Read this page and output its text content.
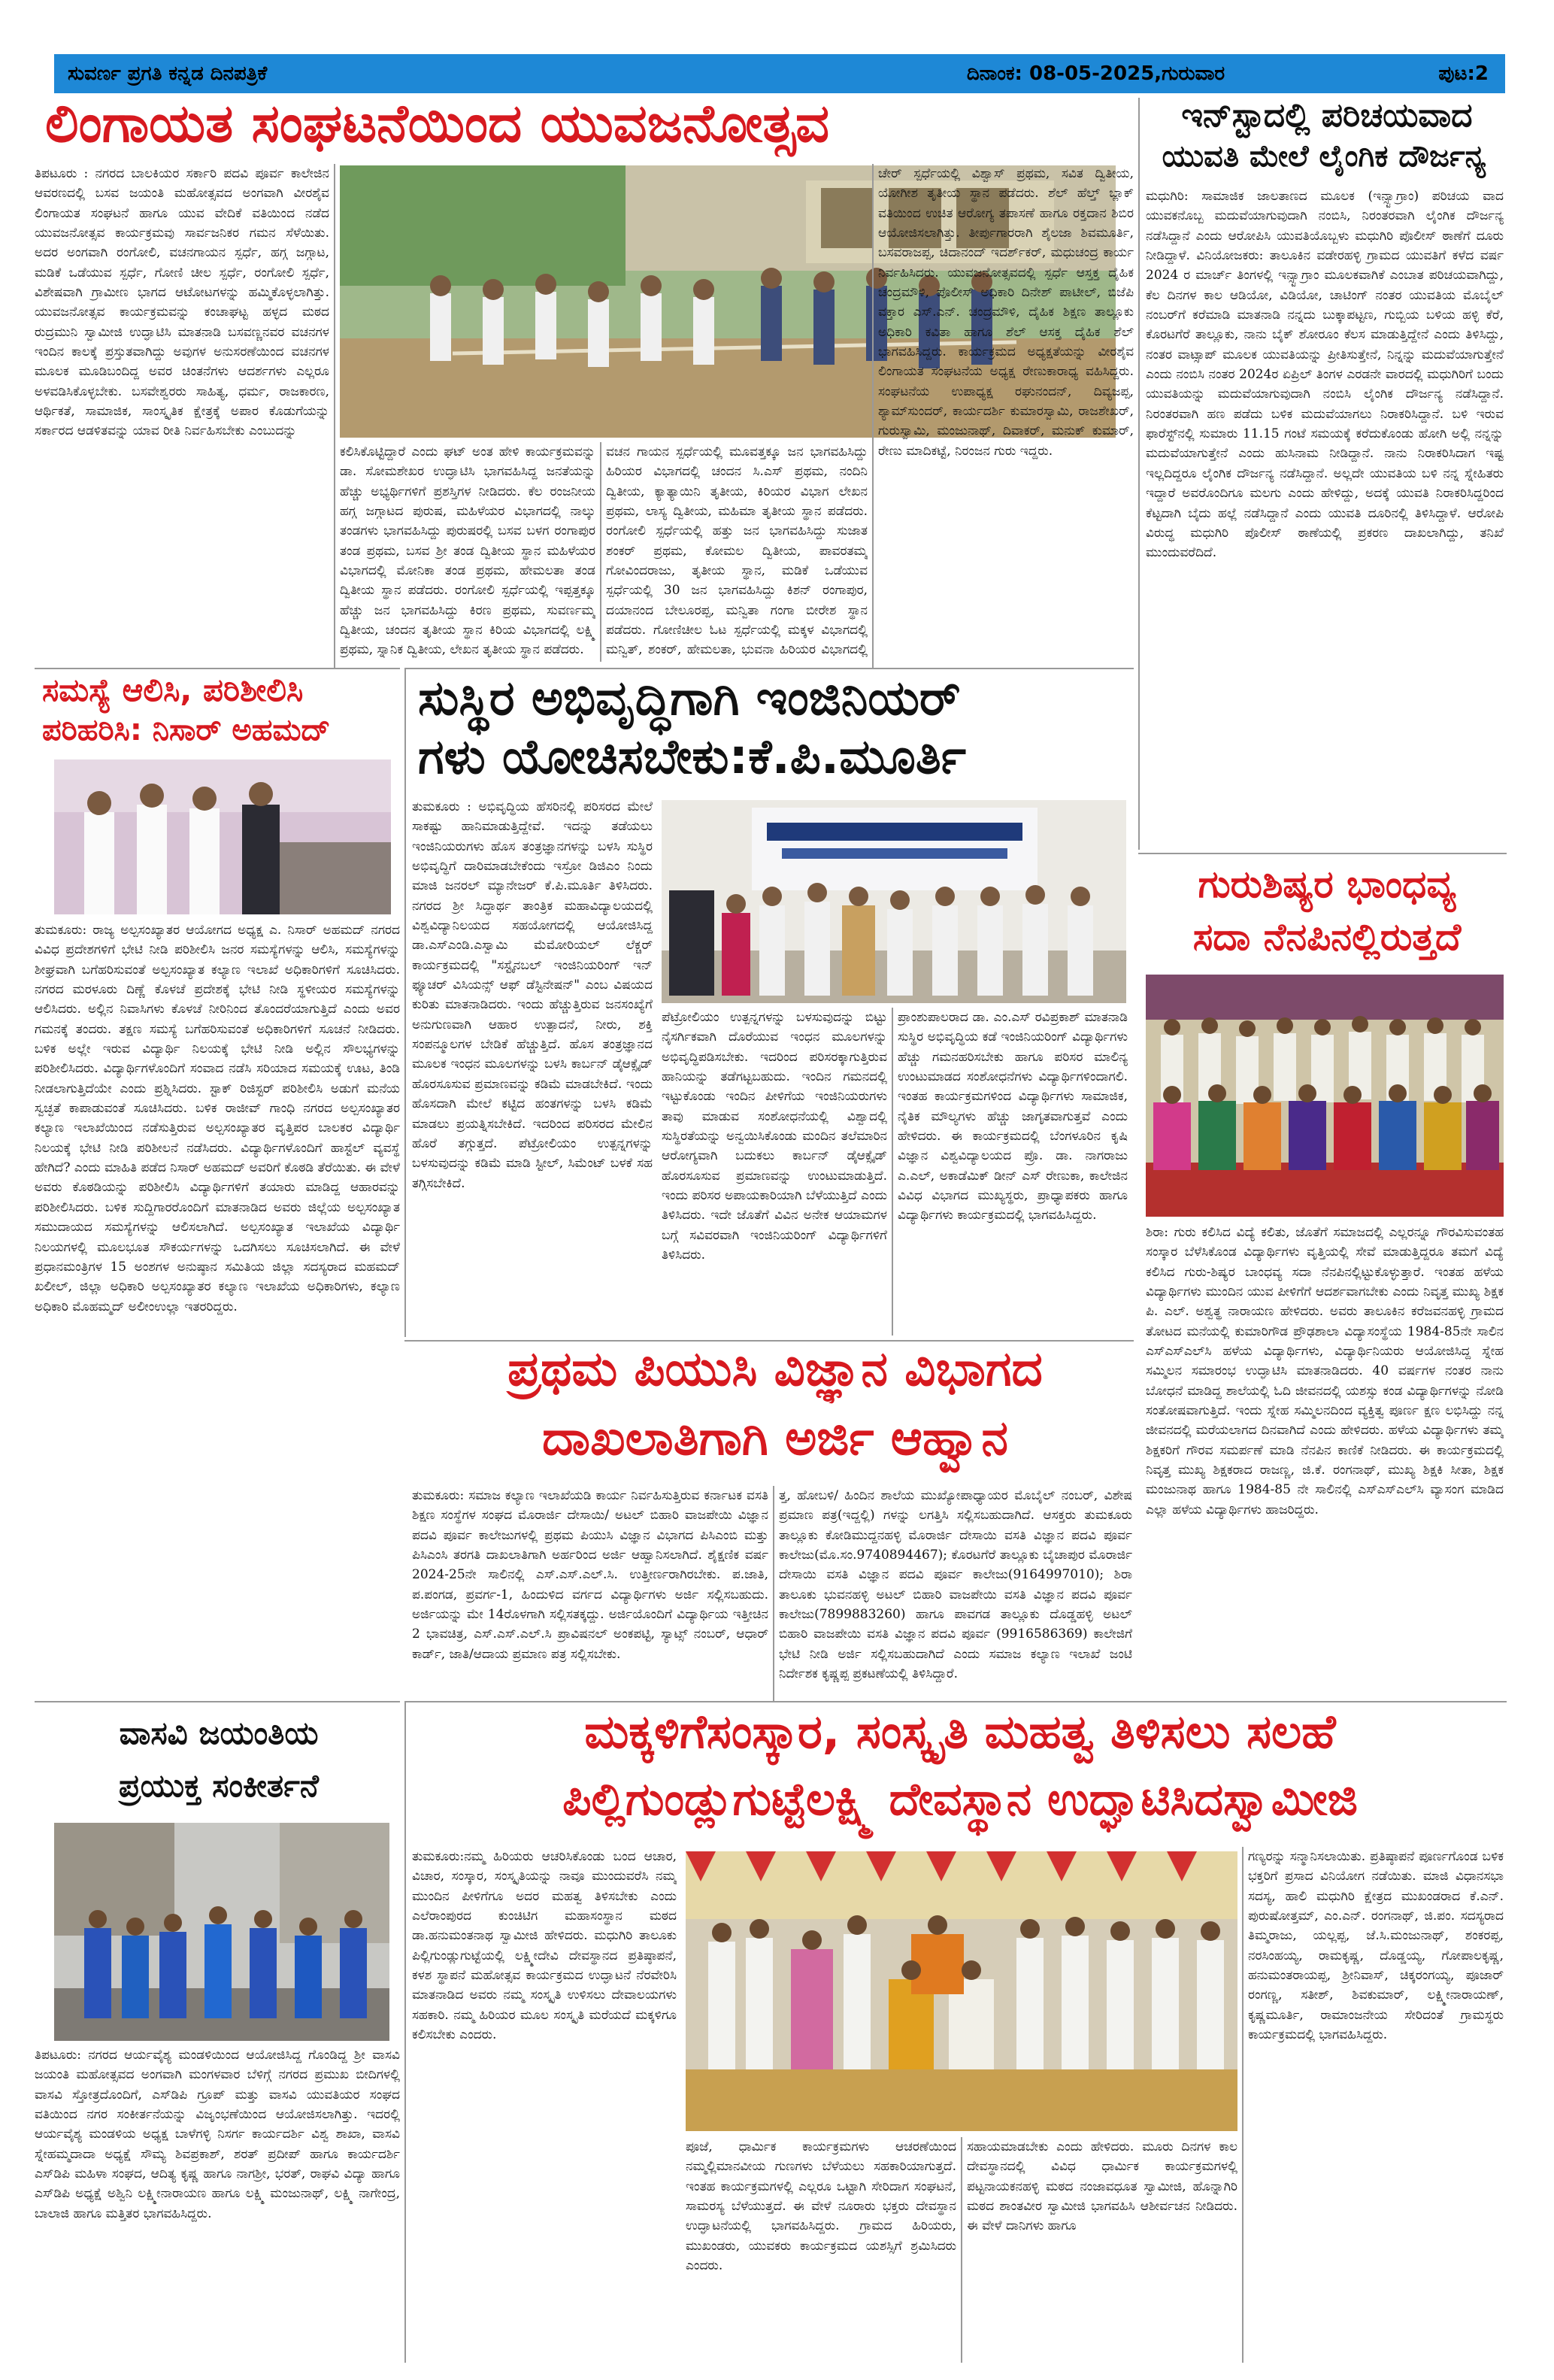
ಸುವರ್ಣ ಪ್ರಗತಿ ಕನ್ನಡ ದಿನಪತ್ರಿಕೆ	ದಿನಾಂಕ: 08-05-2025,ಗುರುವಾರ	ಪುಟ:2
ಲಿಂಗಾಯತ ಸಂಘಟನೆಯಿಂದ ಯುವಜನೋತ್ಸವ
ತಿಪಟೂರು : ನಗರದ ಬಾಲಕಿಯರ ಸರ್ಕಾರಿ ಪದವಿ ಪೂರ್ವ ಕಾಲೇಜಿನ ಆವರಣದಲ್ಲಿ ಬಸವ ಜಯಂತಿ ಮಹೋತ್ಸವದ ಅಂಗವಾಗಿ ವೀರಶೈವ ಲಿಂಗಾಯತ ಸಂಘಟನೆ ಹಾಗೂ ಯುವ ವೇದಿಕೆ ವತಿಯಿಂದ ನಡೆದ ಯುವಜನೋತ್ಸವ ಕಾರ್ಯಕ್ರಮವು ಸಾರ್ವಜನಿಕರ ಗಮನ ಸೆಳೆಯಿತು. ಅದರ ಅಂಗವಾಗಿ ರಂಗೋಲಿ, ವಚನಗಾಯನ ಸ್ಪರ್ಧೆ, ಹಗ್ಗ ಜಗ್ಗಾಟ, ಮಡಿಕೆ ಒಡೆಯುವ ಸ್ಪರ್ಧೆ, ಗೋಣಿ ಚೀಲ ಸ್ಪರ್ಧೆ, ರಂಗೋಲಿ ಸ್ಪರ್ಧೆ, ವಿಶೇಷವಾಗಿ ಗ್ರಾಮೀಣ ಭಾಗದ ಆಟೋಟಗಳನ್ನು ಹಮ್ಮಿಕೊಳ್ಳಲಾಗಿತ್ತು. ಯುವಜನೋತ್ಸವ ಕಾರ್ಯಕ್ರಮವನ್ನು ಕಂಚಾಘಟ್ಟ ಹಳ್ಳದ ಮಠದ ರುದ್ರಮುನಿ ಸ್ವಾಮೀಜಿ ಉದ್ಘಾಟಿಸಿ ಮಾತನಾಡಿ ಬಸವಣ್ಣನವರ ವಚನಗಳ ಇಂದಿನ ಕಾಲಕ್ಕೆ ಪ್ರಸ್ತುತವಾಗಿದ್ದು ಅವುಗಳ ಅನುಸರಣೆಯಿಂದ ವಚನಗಳ ಮೂಲಕ ಮೂಡಿಬಂದಿದ್ದ ಅವರ ಚಿಂತನೆಗಳು ಆದರ್ಶಗಳು ಎಲ್ಲರೂ ಅಳವಡಿಸಿಕೊಳ್ಳಬೇಕು. ಬಸವೇಶ್ವರರು ಸಾಹಿತ್ಯ, ಧರ್ಮ, ರಾಜಕಾರಣ, ಆರ್ಥಿಕತೆ, ಸಾಮಾಜಿಕ, ಸಾಂಸ್ಕೃತಿಕ ಕ್ಷೇತ್ರಕ್ಕೆ ಅಪಾರ ಕೊಡುಗೆಯನ್ನು ಸರ್ಕಾರದ ಆಡಳಿತವನ್ನು ಯಾವ ರೀತಿ ನಿರ್ವಹಿಸಬೇಕು ಎಂಬುದನ್ನು
ಕಲಿಸಿಕೊಟ್ಟಿದ್ದಾರೆ ಎಂದು ಘಟ್ ಅಂತ ಹೇಳಿ ಕಾರ್ಯಕ್ರಮವನ್ನು ಡಾ. ಸೋಮಶೇಖರ ಉದ್ಘಾಟಿಸಿ ಭಾಗವಹಿಸಿದ್ದ ಜನತೆಯನ್ನು ಹೆಚ್ಚು ಅಭ್ಯರ್ಥಿಗಳಿಗೆ ಪ್ರಶಸ್ತಿಗಳ ನೀಡಿದರು. ಕೆಲ ರಂಜನೀಯ ಹಗ್ಗ ಜಗ್ಗಾಟದ ಪುರುಷ, ಮಹಿಳೆಯರ ವಿಭಾಗದಲ್ಲಿ ನಾಲ್ಕು ತಂಡಗಳು ಭಾಗವಹಿಸಿದ್ದು ಪುರುಷರಲ್ಲಿ ಬಸವ ಬಳಗ ರಂಗಾಪುರ ತಂಡ ಪ್ರಥಮ, ಬಸವ ಶ್ರೀ ತಂಡ ದ್ವಿತೀಯ ಸ್ಥಾನ ಮಹಿಳೆಯರ ವಿಭಾಗದಲ್ಲಿ ಮೋನಿಕಾ ತಂಡ ಪ್ರಥಮ, ಹೇಮಲತಾ ತಂಡ ದ್ವಿತೀಯ ಸ್ಥಾನ ಪಡೆದರು. ರಂಗೋಲಿ ಸ್ಪರ್ಧೆಯಲ್ಲಿ ಇಪ್ಪತ್ತಕ್ಕೂ ಹೆಚ್ಚು ಜನ ಭಾಗವಹಿಸಿದ್ದು ಕಿರಣ ಪ್ರಥಮ, ಸುವರ್ಣಮ್ಮ ದ್ವಿತೀಯ, ಚಂದನ ತೃತೀಯ ಸ್ಥಾನ ಕಿರಿಯ ವಿಭಾಗದಲ್ಲಿ ಲಕ್ಷ್ಮಿ ಪ್ರಥಮ, ಸ್ನಾನಿಕ ದ್ವಿತೀಯ, ಲೇಖನ ತೃತೀಯ ಸ್ಥಾನ ಪಡೆದರು.
ವಚನ ಗಾಯನ ಸ್ಪರ್ಧೆಯಲ್ಲಿ ಮೂವತ್ತಕ್ಕೂ ಜನ ಭಾಗವಹಿಸಿದ್ದು ಹಿರಿಯರ ವಿಭಾಗದಲ್ಲಿ ಚಂದನ ಸಿ.ಎಸ್ ಪ್ರಥಮ, ನಂದಿನಿ ದ್ವಿತೀಯ, ಕ್ಯಾತ್ಯಾಯಿನಿ ತೃತೀಯ, ಕಿರಿಯರ ವಿಭಾಗ ಲೇಖನ ಪ್ರಥಮ, ಲಾಸ್ಯ ದ್ವಿತೀಯ, ಮಹಿಮಾ ತೃತೀಯ ಸ್ಥಾನ ಪಡೆದರು. ರಂಗೋಲಿ ಸ್ಪರ್ಧೆಯಲ್ಲಿ ಹತ್ತು ಜನ ಭಾಗವಹಿಸಿದ್ದು ಸುಜಾತ ಶಂಕರ್ ಪ್ರಥಮ, ಕೋಮಲ ದ್ವಿತೀಯ, ಪಾವರತಮ್ಮ ಗೋವಿಂದರಾಜು, ತೃತೀಯ ಸ್ಥಾನ, ಮಡಿಕೆ ಒಡೆಯುವ ಸ್ಪರ್ಧೆಯಲ್ಲಿ 30 ಜನ ಭಾಗವಹಿಸಿದ್ದು ಕಿಶನ್ ರಂಗಾಪುರ, ದಯಾನಂದ ಬೇಲೂರಪ್ಪ, ಮನ್ವಿತಾ ಗಂಗಾ ಬೀರೇಶ ಸ್ಥಾನ ಪಡೆದರು. ಗೋಣಿಚೀಲ ಓಟ ಸ್ಪರ್ಧೆಯಲ್ಲಿ ಮಕ್ಕಳ ವಿಭಾಗದಲ್ಲಿ ಮನ್ವಿತ್, ಶಂಕರ್, ಹೇಮಲತಾ, ಭುವನಾ ಹಿರಿಯರ ವಿಭಾಗದಲ್ಲಿ
ಚೇರ್ ಸ್ಪರ್ಧೆಯಲ್ಲಿ ವಿಶ್ವಾಸ್ ಪ್ರಥಮ, ಸವಿತ ದ್ವಿತೀಯ, ಯೋಗೀಶ ತೃತೀಯ ಸ್ಥಾನ ಪಡೆದರು. ಶೆಲ್ ಹೆಲ್ತ್ ಬ್ಲಾಕ್ ವತಿಯಿಂದ ಉಚಿತ ಆರೋಗ್ಯ ತಪಾಸಣೆ ಹಾಗೂ ರಕ್ತದಾನ ಶಿಬಿರ ಆಯೋಜಿಸಲಾಗಿತ್ತು. ತೀರ್ಪುಗಾರರಾಗಿ ಶೈಲಜಾ ಶಿವಮೂರ್ತಿ, ಬಸವರಾಜಪ್ಪ, ಚಿದಾನಂದ್ ಇದರ್ಶ್‌ಕರ್, ಮಧುಚಂದ್ರ ಕಾರ್ಯ ನಿರ್ವಹಿಸಿದರು. ಯುವಜನೋತ್ಸವದಲ್ಲಿ ಸ್ಪರ್ಧೆ ಆಸ್ತಕ್ತ ದೈಹಿಕ ಚಂದ್ರಮೌಳಿ, ಪೊಲೀಸ್ ಅಧಿಕಾರಿ ದಿನೇಶ್ ಪಾಟೀಲ್, ಬಿಜೆಪಿ ವಕ್ತಾರ ಎಸ್.ಎನ್. ಚಂದ್ರಮೌಳಿ, ದೈಹಿಕ ಶಿಕ್ಷಣ ತಾಲ್ಲೂಕು ಅಧಿಕಾರಿ ಕವಿತಾ ಹಾಗೂ ಶೆಲ್ ಆಸಕ್ತ ದೈಹಿಕ ಶೆಲ್ ಭಾಗವಹಿಸಿದ್ದರು. ಕಾರ್ಯಕ್ರಮದ ಅಧ್ಯಕ್ಷತೆಯನ್ನು ವೀರಶೈವ ಲಿಂಗಾಯತ ಸಂಘಟನೆಯ ಅಧ್ಯಕ್ಷ ರೇಣುಕಾರಾಧ್ಯ ವಹಿಸಿದ್ದರು. ಸಂಘಟನೆಯ ಉಪಾಧ್ಯಕ್ಷ ರಘುನಂದನ್, ದಿವ್ಯಜಪ್ಪ, ಶ್ಯಾಮ್‌ಸುಂದರ್, ಕಾರ್ಯದರ್ಶಿ ಕುಮಾರಸ್ವಾಮಿ, ರಾಜಶೇಖರ್, ಗುರುಸ್ವಾಮಿ, ಮಂಜುನಾಥ್, ದಿವಾಕರ್, ಮನುಕ್ ಕುಮಾರ್, ರೇಣು ಮಾದಿಕಟ್ಟೆ, ನಿರಂಜನ ಗುರು ಇದ್ದರು.
ಇನ್‌ಸ್ಟಾದಲ್ಲಿ ಪರಿಚಯವಾದ
ಯುವತಿ ಮೇಲೆ ಲೈಂಗಿಕ ದೌರ್ಜನ್ಯ
ಮಧುಗಿರಿ: ಸಾಮಾಜಿಕ ಜಾಲತಾಣದ ಮೂಲಕ (ಇನ್ಸ್ಟಾಗ್ರಾಂ) ಪರಿಚಯ ವಾದ ಯುವಕನೊಬ್ಬ ಮದುವೆಯಾಗುವುದಾಗಿ ನಂಬಿಸಿ, ನಿರಂತರವಾಗಿ ಲೈಂಗಿಕ ದೌರ್ಜನ್ಯ ನಡೆಸಿದ್ದಾನೆ ಎಂದು ಆರೋಪಿಸಿ ಯುವತಿಯೊಬ್ಬಳು ಮಧುಗಿರಿ ಪೊಲೀಸ್ ಠಾಣೆಗೆ ದೂರು ನೀಡಿದ್ದಾಳೆ. ವಿನಿಯೋಜಕರು: ತಾಲೂಕಿನ ವಡೇರಹಳ್ಳಿ ಗ್ರಾಮದ ಯುವತಿಗೆ ಕಳೆದ ವರ್ಷ 2024 ರ ಮಾರ್ಚ್ ತಿಂಗಳಲ್ಲಿ ಇನ್ಸ್ಟಾಗ್ರಾಂ ಮೂಲಕವಾಗಿಕೆ ಎಂಬಾತ ಪರಿಚಯವಾಗಿದ್ದು, ಕೆಲ ದಿನಗಳ ಕಾಲ ಆಡಿಯೋ, ವಿಡಿಯೋ, ಚಾಟಿಂಗ್ ನಂತರ ಯುವತಿಯ ಮೊಬೈಲ್ ನಂಬರ್‌ಗೆ ಕರೆಮಾಡಿ ಮಾತನಾಡಿ ನನ್ನದು ಬುಕ್ಕಾಪಟ್ಟಣ, ಗುಬ್ಬಿಯ ಬಳಿಯ ಹಳ್ಳಿ ಕೆರೆ, ಕೊರಟಗೆರೆ ತಾಲ್ಲೂಕು, ನಾನು ಬೈಕ್ ಶೋರೂಂ ಕೆಲಸ ಮಾಡುತ್ತಿದ್ದೇನೆ ಎಂದು ತಿಳಿಸಿದ್ದು, ನಂತರ ವಾಟ್ಸಾಪ್ ಮೂಲಕ ಯುವತಿಯನ್ನು ಪ್ರೀತಿಸುತ್ತೇನೆ, ನಿನ್ನನ್ನು ಮದುವೆಯಾಗುತ್ತೇನೆ ಎಂದು ನಂಬಿಸಿ ನಂತರ 2024ರ ಏಪ್ರಿಲ್ ತಿಂಗಳ ಎರಡನೇ ವಾರದಲ್ಲಿ ಮಧುಗಿರಿಗೆ ಬಂದು ಯುವತಿಯನ್ನು ಮದುವೆಯಾಗುವುದಾಗಿ ನಂಬಿಸಿ ಲೈಂಗಿಕ ದೌರ್ಜನ್ಯ ನಡೆಸಿದ್ದಾನೆ. ನಿರಂತರವಾಗಿ ಹಣ ಪಡೆದು ಬಳಿಕ ಮದುವೆಯಾಗಲು ನಿರಾಕರಿಸಿದ್ದಾನೆ. ಬಳಿ ಇರುವ ಫಾರೆಸ್ಟ್‌ನಲ್ಲಿ ಸುಮಾರು 11.15 ಗಂಟೆ ಸಮಯಕ್ಕೆ ಕರೆದುಕೊಂಡು ಹೋಗಿ ಅಲ್ಲಿ ನನ್ನನ್ನು ಮದುವೆಯಾಗುತ್ತೇನೆ ಎಂದು ಹುಸಿನಾಮ ನೀಡಿದ್ದಾನೆ. ನಾನು ನಿರಾಕರಿಸಿದಾಗ ಇಷ್ಟ ಇಲ್ಲದಿದ್ದರೂ ಲೈಂಗಿಕ ದೌರ್ಜನ್ಯ ನಡೆಸಿದ್ದಾನೆ. ಅಲ್ಲದೇ ಯುವತಿಯ ಬಳಿ ನನ್ನ ಸ್ನೇಹಿತರು ಇದ್ದಾರೆ ಅವರೊಂದಿಗೂ ಮಲಗು ಎಂದು ಹೇಳಿದ್ದು, ಅದಕ್ಕೆ ಯುವತಿ ನಿರಾಕರಿಸಿದ್ದರಿಂದ ಕೆಟ್ಟದಾಗಿ ಬೈದು ಹಲ್ಲೆ ನಡೆಸಿದ್ದಾನೆ ಎಂದು ಯುವತಿ ದೂರಿನಲ್ಲಿ ತಿಳಿಸಿದ್ದಾಳೆ. ಆರೋಪಿ ವಿರುದ್ಧ ಮಧುಗಿರಿ ಪೊಲೀಸ್ ಠಾಣೆಯಲ್ಲಿ ಪ್ರಕರಣ ದಾಖಲಾಗಿದ್ದು, ತನಿಖೆ ಮುಂದುವರೆದಿದೆ.
ಸಮಸ್ಯೆ ಆಲಿಸಿ, ಪರಿಶೀಲಿಸಿ
ಪರಿಹರಿಸಿ: ನಿಸಾರ್ ಅಹಮದ್
ತುಮಕೂರು: ರಾಜ್ಯ ಅಲ್ಪಸಂಖ್ಯಾತರ ಆಯೋಗದ ಅಧ್ಯಕ್ಷ ಎ. ನಿಸಾರ್ ಅಹಮದ್ ನಗರದ ವಿವಿಧ ಪ್ರದೇಶಗಳಿಗೆ ಭೇಟಿ ನೀಡಿ ಪರಿಶೀಲಿಸಿ ಜನರ ಸಮಸ್ಯೆಗಳನ್ನು ಆಲಿಸಿ, ಸಮಸ್ಯೆಗಳನ್ನು ಶೀಘ್ರವಾಗಿ ಬಗೆಹರಿಸುವಂತೆ ಅಲ್ಪಸಂಖ್ಯಾತ ಕಲ್ಯಾಣ ಇಲಾಖೆ ಅಧಿಕಾರಿಗಳಿಗೆ ಸೂಚಿಸಿದರು. ನಗರದ ಮರಳೂರು ದಿಣ್ಣೆ ಕೊಳಚೆ ಪ್ರದೇಶಕ್ಕೆ ಭೇಟಿ ನೀಡಿ ಸ್ಥಳೀಯರ ಸಮಸ್ಯೆಗಳನ್ನು ಆಲಿಸಿದರು. ಅಲ್ಲಿನ ನಿವಾಸಿಗಳು ಕೊಳಚೆ ನೀರಿನಿಂದ ತೊಂದರೆಯಾಗುತ್ತಿದೆ ಎಂದು ಅವರ ಗಮನಕ್ಕೆ ತಂದರು. ತಕ್ಷಣ ಸಮಸ್ಯೆ ಬಗೆಹರಿಸುವಂತೆ ಅಧಿಕಾರಿಗಳಿಗೆ ಸೂಚನೆ ನೀಡಿದರು. ಬಳಿಕ ಅಲ್ಲೇ ಇರುವ ವಿದ್ಯಾರ್ಥಿ ನಿಲಯಕ್ಕೆ ಭೇಟಿ ನೀಡಿ ಅಲ್ಲಿನ ಸೌಲಭ್ಯಗಳನ್ನು ಪರಿಶೀಲಿಸಿದರು. ವಿದ್ಯಾರ್ಥಿಗಳೊಂದಿಗೆ ಸಂವಾದ ನಡೆಸಿ ಸರಿಯಾದ ಸಮಯಕ್ಕೆ ಊಟ, ತಿಂಡಿ ನೀಡಲಾಗುತ್ತಿದೆಯೇ ಎಂದು ಪ್ರಶ್ನಿಸಿದರು. ಸ್ಟಾಕ್ ರಿಜಿಸ್ಟರ್ ಪರಿಶೀಲಿಸಿ ಅಡುಗೆ ಮನೆಯ ಸ್ವಚ್ಛತೆ ಕಾಪಾಡುವಂತೆ ಸೂಚಿಸಿದರು. ಬಳಿಕ ರಾಜೀವ್ ಗಾಂಧಿ ನಗರದ ಅಲ್ಪಸಂಖ್ಯಾತರ ಕಲ್ಯಾಣ ಇಲಾಖೆಯಿಂದ ನಡೆಸುತ್ತಿರುವ ಅಲ್ಪಸಂಖ್ಯಾತರ ವೃತ್ತಿಪರ ಬಾಲಕರ ವಿದ್ಯಾರ್ಥಿ ನಿಲಯಕ್ಕೆ ಭೇಟಿ ನೀಡಿ ಪರಿಶೀಲನೆ ನಡೆಸಿದರು. ವಿದ್ಯಾರ್ಥಿಗಳೊಂದಿಗೆ ಹಾಸ್ಟೆಲ್ ವ್ಯವಸ್ಥೆ ಹೇಗಿದೆ? ಎಂದು ಮಾಹಿತಿ ಪಡೆದ ನಿಸಾರ್ ಅಹಮದ್ ಅವರಿಗೆ ಕೊಠಡಿ ತೆರೆಯಿತು. ಈ ವೇಳೆ ಅವರು ಕೊಠಡಿಯನ್ನು ಪರಿಶೀಲಿಸಿ ವಿದ್ಯಾರ್ಥಿಗಳಿಗೆ ತಯಾರು ಮಾಡಿದ್ದ ಆಹಾರವನ್ನು ಪರಿಶೀಲಿಸಿದರು. ಬಳಿಕ ಸುದ್ದಿಗಾರರೊಂದಿಗೆ ಮಾತನಾಡಿದ ಅವರು ಜಿಲ್ಲೆಯ ಅಲ್ಪಸಂಖ್ಯಾತ ಸಮುದಾಯದ ಸಮಸ್ಯೆಗಳನ್ನು ಆಲಿಸಲಾಗಿದೆ. ಅಲ್ಪಸಂಖ್ಯಾತ ಇಲಾಖೆಯ ವಿದ್ಯಾರ್ಥಿ ನಿಲಯಗಳಲ್ಲಿ ಮೂಲಭೂತ ಸೌಕರ್ಯಗಳನ್ನು ಒದಗಿಸಲು ಸೂಚಿಸಲಾಗಿದೆ. ಈ ವೇಳೆ ಪ್ರಧಾನಮಂತ್ರಿಗಳ 15 ಅಂಶಗಳ ಅನುಷ್ಠಾನ ಸಮಿತಿಯ ಜಿಲ್ಲಾ ಸದಸ್ಯರಾದ ಮಹಮದ್ ಖಲೀಲ್, ಜಿಲ್ಲಾ ಅಧಿಕಾರಿ ಅಲ್ಪಸಂಖ್ಯಾತರ ಕಲ್ಯಾಣ ಇಲಾಖೆಯ ಅಧಿಕಾರಿಗಳು, ಕಲ್ಯಾಣ ಅಧಿಕಾರಿ ಮೊಹಮ್ಮದ್ ಅಲೀಂಉಲ್ಲಾ ಇತರರಿದ್ದರು.
ಸುಸ್ಥಿರ ಅಭಿವೃದ್ಧಿಗಾಗಿ ಇಂಜಿನಿಯರ್
ಗಳು ಯೋಚಿಸಬೇಕು:ಕೆ.ಪಿ.ಮೂರ್ತಿ
ತುಮಕೂರು : ಅಭಿವೃದ್ಧಿಯ ಹೆಸರಿನಲ್ಲಿ ಪರಿಸರದ ಮೇಲೆ ಸಾಕಷ್ಟು ಹಾನಿಮಾಡುತ್ತಿದ್ದೇವೆ. ಇದನ್ನು ತಡೆಯಲು ಇಂಜಿನಿಯರುಗಳು ಹೊಸ ತಂತ್ರಜ್ಞಾನಗಳನ್ನು ಬಳಸಿ ಸುಸ್ಥಿರ ಅಭಿವೃದ್ಧಿಗೆ ದಾರಿಮಾಡಬೇಕೆಂದು ಇಸ್ರೋ ಡಿಜಿಎಂ ನಿಂದು ಮಾಜಿ ಜನರಲ್ ಮ್ಯಾನೇಜರ್ ಕೆ.ಪಿ.ಮೂರ್ತಿ ತಿಳಿಸಿದರು. ನಗರದ ಶ್ರೀ ಸಿದ್ಧಾರ್ಥ ತಾಂತ್ರಿಕ ಮಹಾವಿದ್ಯಾಲಯದಲ್ಲಿ ವಿಶ್ವವಿದ್ಯಾನಿಲಯದ ಸಹಯೋಗದಲ್ಲಿ ಆಯೋಜಿಸಿದ್ದ ಡಾ.ಎಸ್‌ಎಂಡಿ.ಎಸ್ವಾಮಿ ಮೆಮೋರಿಯಲ್ ಲೆಕ್ಚರ್ ಕಾರ್ಯಕ್ರಮದಲ್ಲಿ "ಸಸ್ಟೈನಬಲ್ ಇಂಜಿನಿಯರಿಂಗ್ ಇನ್ ಫ್ಯೂಚರ್ ವಿಸಿಯನ್ಸ್ ಆಫ್ ಡೆಸ್ಟಿನೇಷನ್" ಎಂಬ ವಿಷಯದ ಕುರಿತು ಮಾತನಾಡಿದರು. ಇಂದು ಹೆಚ್ಚುತ್ತಿರುವ ಜನಸಂಖ್ಯೆಗೆ ಅನುಗುಣವಾಗಿ ಆಹಾರ ಉತ್ಪಾದನೆ, ನೀರು, ಶಕ್ತಿ ಸಂಪನ್ಮೂಲಗಳ ಬೇಡಿಕೆ ಹೆಚ್ಚುತ್ತಿದೆ. ಹೊಸ ತಂತ್ರಜ್ಞಾನದ ಮೂಲಕ ಇಂಧನ ಮೂಲಗಳನ್ನು ಬಳಸಿ ಕಾರ್ಬನ್ ಡೈಆಕ್ಸೈಡ್ ಹೊರಸೂಸುವ ಪ್ರಮಾಣವನ್ನು ಕಡಿಮೆ ಮಾಡಬೇಕಿದೆ. ಇಂದು ಹೊಸದಾಗಿ ಮೇಲೆ ಕಟ್ಟಿದ ಹಂತಗಳನ್ನು ಬಳಸಿ ಕಡಿಮೆ ಮಾಡಲು ಪ್ರಯತ್ನಿಸಬೇಕಿದೆ. ಇದರಿಂದ ಪರಿಸರದ ಮೇಲಿನ ಹೊರೆ ತಗ್ಗುತ್ತದೆ. ಪೆಟ್ರೋಲಿಯಂ ಉತ್ಪನ್ನಗಳನ್ನು ಬಳಸುವುದನ್ನು ಕಡಿಮೆ ಮಾಡಿ ಸ್ಟೀಲ್, ಸಿಮೆಂಟ್ ಬಳಕೆ ಸಹ ತಗ್ಗಿಸಬೇಕಿದೆ.
ಪೆಟ್ರೋಲಿಯಂ ಉತ್ಪನ್ನಗಳನ್ನು ಬಳಸುವುದನ್ನು ಬಿಟ್ಟು ನೈಸರ್ಗಿಕವಾಗಿ ದೊರೆಯುವ ಇಂಧನ ಮೂಲಗಳನ್ನು ಅಭಿವೃದ್ಧಿಪಡಿಸಬೇಕು. ಇದರಿಂದ ಪರಿಸರಕ್ಕಾಗುತ್ತಿರುವ ಹಾನಿಯನ್ನು ತಡೆಗಟ್ಟಬಹುದು. ಇಂದಿನ ಗಮನದಲ್ಲಿ ಇಟ್ಟುಕೊಂಡು ಇಂದಿನ ಪೀಳಿಗೆಯ ಇಂಜಿನಿಯರುಗಳು ತಾವು ಮಾಡುವ ಸಂಶೋಧನೆಯಲ್ಲಿ ವಿಶ್ವಾದಲ್ಲಿ ಸುಸ್ಥಿರತೆಯನ್ನು ಅನ್ವಯಿಸಿಕೊಂಡು ಮಂದಿನ ತಲೆಮಾರಿನ ಆರೋಗ್ಯವಾಗಿ ಬದುಕಲು ಕಾರ್ಬನ್ ಡೈಆಕ್ಸೈಡ್ ಹೊರಸೂಸುವ ಪ್ರಮಾಣವನ್ನು ಉಂಟುಮಾಡುತ್ತಿದೆ. ಇಂದು ಪರಿಸರ ಅಪಾಯಕಾರಿಯಾಗಿ ಬೆಳೆಯುತ್ತಿದೆ ಎಂದು ತಿಳಿಸಿದರು. ಇದೇ ಜೊತೆಗೆ ವಿವಿನ ಅನೇಕ ಆಯಾಮಗಳ ಬಗ್ಗೆ ಸವಿವರವಾಗಿ ಇಂಜಿನಿಯರಿಂಗ್ ವಿದ್ಯಾರ್ಥಿಗಳಿಗೆ ತಿಳಿಸಿದರು.
ಪ್ರಾಂಶುಪಾಲರಾದ ಡಾ. ಎಂ.ಎಸ್ ರವಿಪ್ರಕಾಶ್ ಮಾತನಾಡಿ ಸುಸ್ಥಿರ ಅಭಿವೃದ್ಧಿಯ ಕಡೆ ಇಂಜಿನಿಯರಿಂಗ್ ವಿದ್ಯಾರ್ಥಿಗಳು ಹೆಚ್ಚು ಗಮನಹರಿಸಬೇಕು ಹಾಗೂ ಪರಿಸರ ಮಾಲಿನ್ಯ ಉಂಟುಮಾಡದ ಸಂಶೋಧನೆಗಳು ವಿದ್ಯಾರ್ಥಿಗಳಿಂದಾಗಲಿ. ಇಂತಹ ಕಾರ್ಯಕ್ರಮಗಳಿಂದ ವಿದ್ಯಾರ್ಥಿಗಳು ಸಾಮಾಜಿಕ, ನೈತಿಕ ಮೌಲ್ಯಗಳು ಹೆಚ್ಚು ಜಾಗೃತವಾಗುತ್ತವೆ ಎಂದು ಹೇಳಿದರು. ಈ ಕಾರ್ಯಕ್ರಮದಲ್ಲಿ ಬೆಂಗಳೂರಿನ ಕೃಷಿ ವಿಜ್ಞಾನ ವಿಶ್ವವಿದ್ಯಾಲಯದ ಪ್ರೊ. ಡಾ. ನಾಗರಾಜು ಎ.ಎಲ್, ಅಕಾಡೆಮಿಕ್ ಡೀನ್ ಎಸ್ ರೇಣುಕಾ, ಕಾಲೇಜಿನ ವಿವಿಧ ವಿಭಾಗದ ಮುಖ್ಯಸ್ಥರು, ಪ್ರಾಧ್ಯಾಪಕರು ಹಾಗೂ ವಿದ್ಯಾರ್ಥಿಗಳು ಕಾರ್ಯಕ್ರಮದಲ್ಲಿ ಭಾಗವಹಿಸಿದ್ದರು.
ಗುರುಶಿಷ್ಯರ ಭಾಂಧವ್ಯ
ಸದಾ ನೆನಪಿನಲ್ಲಿರುತ್ತದೆ
ಶಿರಾ: ಗುರು ಕಲಿಸಿದ ವಿದ್ಯೆ ಕಲಿತು, ಜೊತೆಗೆ ಸಮಾಜದಲ್ಲಿ ಎಲ್ಲರನ್ನೂ ಗೌರವಿಸುವಂತಹ ಸಂಸ್ಕಾರ ಬೆಳೆಸಿಕೊಂಡ ವಿದ್ಯಾರ್ಥಿಗಳು ವೃತ್ತಿಯಲ್ಲಿ ಸೇವೆ ಮಾಡುತ್ತಿದ್ದರೂ ತಮಗೆ ವಿದ್ಯೆ ಕಲಿಸಿದ ಗುರು-ಶಿಷ್ಯರ ಬಾಂಧವ್ಯ ಸದಾ ನೆನಪಿನಲ್ಲಿಟ್ಟುಕೊಳ್ಳುತ್ತಾರೆ. ಇಂತಹ ಹಳೆಯ ವಿದ್ಯಾರ್ಥಿಗಳು ಮುಂದಿನ ಯುವ ಪೀಳಿಗೆಗೆ ಆದರ್ಶವಾಗಬೇಕು ಎಂದು ನಿವೃತ್ತ ಮುಖ್ಯ ಶಿಕ್ಷಕ ಪಿ. ಎಲ್. ಅಶ್ವತ್ಥ ನಾರಾಯಣ ಹೇಳಿದರು. ಅವರು ತಾಲೂಕಿನ ಕರೆಜವನಹಳ್ಳಿ ಗ್ರಾಮದ ತೋಟದ ಮನೆಯಲ್ಲಿ ಕುಮಾರಿಗೌಡ ಪ್ರೌಢಶಾಲಾ ವಿದ್ಯಾಸಂಸ್ಥೆಯ 1984-85ನೇ ಸಾಲಿನ ಎಸ್‌ಎಸ್‌ಎಲ್‌ಸಿ ಹಳೆಯ ವಿದ್ಯಾರ್ಥಿಗಳು, ವಿದ್ಯಾರ್ಥಿನಿಯರು ಆಯೋಜಿಸಿದ್ದ ಸ್ನೇಹ ಸಮ್ಮಿಲನ ಸಮಾರಂಭ ಉದ್ಘಾಟಿಸಿ ಮಾತನಾಡಿದರು. 40 ವರ್ಷಗಳ ನಂತರ ನಾನು ಬೋಧನೆ ಮಾಡಿದ್ದ ಶಾಲೆಯಲ್ಲಿ ಓದಿ ಜೀವನದಲ್ಲಿ ಯಶಸ್ಸು ಕಂಡ ವಿದ್ಯಾರ್ಥಿಗಳನ್ನು ನೋಡಿ ಸಂತೋಷವಾಗುತ್ತಿದೆ. ಇಂದು ಸ್ನೇಹ ಸಮ್ಮಿಲನದಿಂದ ವ್ಯಕ್ತಿತ್ವ ಪೂರ್ಣ ಕ್ಷಣ ಲಭಿಸಿದ್ದು ನನ್ನ ಜೀವನದಲ್ಲಿ ಮರೆಯಲಾಗದ ದಿನವಾಗಿದೆ ಎಂದು ಹೇಳಿದರು. ಹಳೆಯ ವಿದ್ಯಾರ್ಥಿಗಳು ತಮ್ಮ ಶಿಕ್ಷಕರಿಗೆ ಗೌರವ ಸಮರ್ಪಣೆ ಮಾಡಿ ನೆನಪಿನ ಕಾಣಿಕೆ ನೀಡಿದರು. ಈ ಕಾರ್ಯಕ್ರಮದಲ್ಲಿ ನಿವೃತ್ತ ಮುಖ್ಯ ಶಿಕ್ಷಕರಾದ ರಾಜಣ್ಣ, ಜಿ.ಕೆ. ರಂಗನಾಥ್, ಮುಖ್ಯ ಶಿಕ್ಷಕಿ ಸೀತಾ, ಶಿಕ್ಷಕ ಮಂಜುನಾಥ ಹಾಗೂ 1984-85 ನೇ ಸಾಲಿನಲ್ಲಿ ಎಸ್‌ಎಸ್‌ಎಲ್‌ಸಿ ವ್ಯಾಸಂಗ ಮಾಡಿದ ಎಲ್ಲಾ ಹಳೆಯ ವಿದ್ಯಾರ್ಥಿಗಳು ಹಾಜರಿದ್ದರು.
ಪ್ರಥಮ ಪಿಯುಸಿ ವಿಜ್ಞಾನ ವಿಭಾಗದ
ದಾಖಲಾತಿಗಾಗಿ ಅರ್ಜಿ ಆಹ್ವಾನ
ತುಮಕೂರು: ಸಮಾಜ ಕಲ್ಯಾಣ ಇಲಾಖೆಯಡಿ ಕಾರ್ಯ ನಿರ್ವಹಿಸುತ್ತಿರುವ ಕರ್ನಾಟಕ ವಸತಿ ಶಿಕ್ಷಣ ಸಂಸ್ಥೆಗಳ ಸಂಘದ ಮೊರಾರ್ಜಿ ದೇಸಾಯಿ/ ಅಟಲ್ ಬಿಹಾರಿ ವಾಜಪೇಯಿ ವಿಜ್ಞಾನ ಪದವಿ ಪೂರ್ವ ಕಾಲೇಜುಗಳಲ್ಲಿ ಪ್ರಥಮ ಪಿಯುಸಿ ವಿಜ್ಞಾನ ವಿಭಾಗದ ಪಿಸಿಎಂಬಿ ಮತ್ತು ಪಿಸಿಎಂಸಿ ತರಗತಿ ದಾಖಲಾತಿಗಾಗಿ ಅರ್ಹರಿಂದ ಅರ್ಜಿ ಆಹ್ವಾನಿಸಲಾಗಿದೆ. ಶೈಕ್ಷಣಿಕ ವರ್ಷ 2024-25ನೇ ಸಾಲಿನಲ್ಲಿ ಎಸ್.ಎಸ್.ಎಲ್.ಸಿ. ಉತ್ತೀರ್ಣರಾಗಿರಬೇಕು. ಪ.ಜಾತಿ, ಪ.ಪಂಗಡ, ಪ್ರವರ್ಗ-1, ಹಿಂದುಳಿದ ವರ್ಗದ ವಿದ್ಯಾರ್ಥಿಗಳು ಅರ್ಜಿ ಸಲ್ಲಿಸಬಹುದು. ಅರ್ಜಿಯನ್ನು ಮೇ 14ರೊಳಗಾಗಿ ಸಲ್ಲಿಸತಕ್ಕದ್ದು. ಅರ್ಜಿಯೊಂದಿಗೆ ವಿದ್ಯಾರ್ಥಿಯ ಇತ್ತೀಚಿನ 2 ಭಾವಚಿತ್ರ, ಎಸ್.ಎಸ್.ಎಲ್.ಸಿ ಪ್ರಾವಿಷನಲ್ ಅಂಕಪಟ್ಟಿ, ಸ್ಯಾಟ್ಸ್ ನಂಬರ್, ಆಧಾರ್ ಕಾರ್ಡ್, ಜಾತಿ/ಆದಾಯ ಪ್ರಮಾಣ ಪತ್ರ ಸಲ್ಲಿಸಬೇಕು.
ತ್ತ, ಹೋಬಳಿ/ ಹಿಂದಿನ ಶಾಲೆಯ ಮುಖ್ಯೋಪಾಧ್ಯಾಯರ ಮೊಬೈಲ್ ನಂಬರ್, ವಿಶೇಷ ಪ್ರಮಾಣ ಪತ್ರ(ಇದ್ದಲ್ಲಿ) ಗಳನ್ನು ಲಗತ್ತಿಸಿ ಸಲ್ಲಿಸಬಹುದಾಗಿದೆ. ಆಸಕ್ತರು ತುಮಕೂರು ತಾಲ್ಲೂಕು ಕೋಡಿಮುದ್ದನಹಳ್ಳಿ ಮೊರಾರ್ಜಿ ದೇಸಾಯಿ ವಸತಿ ವಿಜ್ಞಾನ ಪದವಿ ಪೂರ್ವ ಕಾಲೇಜು(ಮೊ.ಸಂ.9740894467); ಕೊರಟಗೆರೆ ತಾಲ್ಲೂಕು ಬೈಚಾಪುರ ಮೊರಾರ್ಜಿ ದೇಸಾಯಿ ವಸತಿ ವಿಜ್ಞಾನ ಪದವಿ ಪೂರ್ವ ಕಾಲೇಜು(9164997010); ಶಿರಾ ತಾಲೂಕು ಭುವನಹಳ್ಳಿ ಅಟಲ್ ಬಿಹಾರಿ ವಾಜಪೇಯಿ ವಸತಿ ವಿಜ್ಞಾನ ಪದವಿ ಪೂರ್ವ ಕಾಲೇಜು(7899883260) ಹಾಗೂ ಪಾವಗಡ ತಾಲ್ಲೂಕು ದೊಡ್ಡಹಳ್ಳಿ ಅಟಲ್ ಬಿಹಾರಿ ವಾಜಪೇಯಿ ವಸತಿ ವಿಜ್ಞಾನ ಪದವಿ ಪೂರ್ವ (9916586369) ಕಾಲೇಜಿಗೆ ಭೇಟಿ ನೀಡಿ ಅರ್ಜಿ ಸಲ್ಲಿಸಬಹುದಾಗಿದೆ ಎಂದು ಸಮಾಜ ಕಲ್ಯಾಣ ಇಲಾಖೆ ಜಂಟಿ ನಿರ್ದೇಶಕ ಕೃಷ್ಣಪ್ಪ ಪ್ರಕಟಣೆಯಲ್ಲಿ ತಿಳಿಸಿದ್ದಾರೆ.
ವಾಸವಿ ಜಯಂತಿಯ
ಪ್ರಯುಕ್ತ ಸಂಕೀರ್ತನೆ
ತಿಪಟೂರು: ನಗರದ ಆರ್ಯವೈಶ್ಯ ಮಂಡಳಿಯಿಂದ ಆಯೋಜಿಸಿದ್ದ ಗೊಂಡಿದ್ದ ಶ್ರೀ ವಾಸವಿ ಜಯಂತಿ ಮಹೋತ್ಸವದ ಅಂಗವಾಗಿ ಮಂಗಳವಾರ ಬೆಳಿಗ್ಗೆ ನಗರದ ಪ್ರಮುಖ ಬೀದಿಗಳಲ್ಲಿ ವಾಸವಿ ಸ್ತೋತ್ರದೊಂದಿಗೆ, ಎಸ್‌ಡಿಪಿ ಗ್ರೂಪ್ ಮತ್ತು ವಾಸವಿ ಯುವತಿಯರ ಸಂಘದ ವತಿಯಿಂದ ನಗರ ಸಂಕೀರ್ತನೆಯನ್ನು ವಿಜೃಂಭಣೆಯಿಂದ ಆಯೋಜಿಸಲಾಗಿತ್ತು. ಇದರಲ್ಲಿ ಆರ್ಯವೈಶ್ಯ ಮಂಡಳಿಯ ಅಧ್ಯಕ್ಷ ಬಾಳೆಗಳ್ಳಿ ನಿಸರ್ಗ ಕಾರ್ಯದರ್ಶಿ ವಿಶ್ವ ಶಾಖಾ, ವಾಸವಿ ಸ್ನೇಹಮ್ಮದಾದಾ ಅಧ್ಯಕ್ಷೆ ಸೌಮ್ಯ ಶಿವಪ್ರಕಾಶ್, ಶರತ್ ಪ್ರದೀಪ್ ಹಾಗೂ ಕಾರ್ಯದರ್ಶಿ ಎಸ್‌ಡಿಪಿ ಮಹಿಳಾ ಸಂಘದ, ಆದಿತ್ಯ ಕೃಷ್ಣ ಹಾಗೂ ನಾಗಶ್ರೀ, ಭರತ್, ರಾಘವಿ ವಿದ್ಯಾ ಹಾಗೂ ಎಸ್‌ಡಿಪಿ ಅಧ್ಯಕ್ಷೆ ಅಶ್ವಿನಿ ಲಕ್ಷ್ಮೀನಾರಾಯಣ ಹಾಗೂ ಲಕ್ಷ್ಮಿ ಮಂಜುನಾಥ್, ಲಕ್ಷ್ಮಿ ನಾಗೇಂದ್ರ, ಬಾಲಾಜಿ ಹಾಗೂ ಮತ್ತಿತರ ಭಾಗವಹಿಸಿದ್ದರು.
ಮಕ್ಕಳಿಗೆಸಂಸ್ಕಾರ, ಸಂಸ್ಕೃತಿ ಮಹತ್ವ ತಿಳಿಸಲು ಸಲಹೆ
ಪಿಲ್ಲಿಗುಂಡ್ಲುಗುಟ್ಟೆಲಕ್ಷ್ಮಿ ದೇವಸ್ಥಾನ ಉದ್ಘಾಟಿಸಿದಸ್ವಾಮೀಜಿ
ತುಮಕೂರು:ನಮ್ಮ ಹಿರಿಯರು ಆಚರಿಸಿಕೊಂಡು ಬಂದ ಆಚಾರ, ವಿಚಾರ, ಸಂಸ್ಕಾರ, ಸಂಸ್ಕೃತಿಯನ್ನು ನಾವೂ ಮುಂದುವರೆಸಿ ನಮ್ಮ ಮುಂದಿನ ಪೀಳಿಗೆಗೂ ಅದರ ಮಹತ್ವ ತಿಳಿಸಬೇಕು ಎಂದು ಎಲೆರಾಂಪುರದ ಕುಂಚಿಟಿಗ ಮಹಾಸಂಸ್ಥಾನ ಮಠದ ಡಾ.ಹನುಮಂತನಾಥ ಸ್ವಾಮೀಜಿ ಹೇಳಿದರು. ಮಧುಗಿರಿ ತಾಲೂಕು ಪಿಲ್ಲಿಗುಂಡ್ಲುಗುಟ್ಟೆಯಲ್ಲಿ ಲಕ್ಷ್ಮೀದೇವಿ ದೇವಸ್ಥಾನದ ಪ್ರತಿಷ್ಠಾಪನೆ, ಕಳಶ ಸ್ಥಾಪನೆ ಮಹೋತ್ಸವ ಕಾರ್ಯಕ್ರಮದ ಉದ್ಘಾಟನೆ ನೆರವೇರಿಸಿ ಮಾತನಾಡಿದ ಅವರು ನಮ್ಮ ಸಂಸ್ಕೃತಿ ಉಳಿಸಲು ದೇವಾಲಯಗಳು ಸಹಕಾರಿ. ನಮ್ಮ ಹಿರಿಯರ ಮೂಲ ಸಂಸ್ಕೃತಿ ಮರೆಯದೆ ಮಕ್ಕಳಿಗೂ ಕಲಿಸಬೇಕು ಎಂದರು.
ಪೂಜೆ, ಧಾರ್ಮಿಕ ಕಾರ್ಯಕ್ರಮಗಳು ಆಚರಣೆಯಿಂದ ನಮ್ಮಲ್ಲಿಮಾನವೀಯ ಗುಣಗಳು ಬೆಳೆಯಲು ಸಹಕಾರಿಯಾಗುತ್ತದೆ. ಇಂತಹ ಕಾರ್ಯಕ್ರಮಗಳಲ್ಲಿ ಎಲ್ಲರೂ ಒಟ್ಟಾಗಿ ಸೇರಿದಾಗ ಸಂಘಟನೆ, ಸಾಮರಸ್ಯ ಬೆಳೆಯುತ್ತದೆ. ಈ ವೇಳೆ ನೂರಾರು ಭಕ್ತರು ದೇವಸ್ಥಾನ ಉದ್ಘಾಟನೆಯಲ್ಲಿ ಭಾಗವಹಿಸಿದ್ದರು. ಗ್ರಾಮದ ಹಿರಿಯರು, ಮುಖಂಡರು, ಯುವಕರು ಕಾರ್ಯಕ್ರಮದ ಯಶಸ್ಸಿಗೆ ಶ್ರಮಿಸಿದರು ಎಂದರು.
ಸಹಾಯಮಾಡಬೇಕು ಎಂದು ಹೇಳಿದರು. ಮೂರು ದಿನಗಳ ಕಾಲ ದೇವಸ್ಥಾನದಲ್ಲಿ ವಿವಿಧ ಧಾರ್ಮಿಕ ಕಾರ್ಯಕ್ರಮಗಳಲ್ಲಿ ಪಟ್ಟನಾಯಕನಹಳ್ಳಿ ಮಠದ ನಂಜಾವಧೂತ ಸ್ವಾಮೀಜಿ, ಹೊನ್ನಾಗಿರಿ ಮಠದ ಶಾಂತವೀರ ಸ್ವಾಮೀಜಿ ಭಾಗವಹಿಸಿ ಆಶೀರ್ವಚನ ನೀಡಿದರು. ಈ ವೇಳೆ ದಾನಿಗಳು ಹಾಗೂ
ಗಣ್ಯರನ್ನು ಸನ್ಮಾನಿಸಲಾಯಿತು. ಪ್ರತಿಷ್ಠಾಪನೆ ಪೂರ್ಣಗೊಂಡ ಬಳಿಕ ಭಕ್ತರಿಗೆ ಪ್ರಸಾದ ವಿನಿಯೋಗ ನಡೆಯಿತು. ಮಾಜಿ ವಿಧಾನಸಭಾ ಸದಸ್ಯ, ಹಾಲಿ ಮಧುಗಿರಿ ಕ್ಷೇತ್ರದ ಮುಖಂಡರಾದ ಕೆ.ಎನ್. ಪುರುಷೋತ್ತಮ್, ಎಂ.ಎನ್. ರಂಗನಾಥ್, ಜಿ.ಪಂ. ಸದಸ್ಯರಾದ ತಿಮ್ಮರಾಜು, ಯಲ್ಲಪ್ಪ, ಜೆ.ಸಿ.ಮಂಜುನಾಥ್, ಶಂಕರಪ್ಪ, ನರಸಿಂಹಯ್ಯ, ರಾಮಕೃಷ್ಣ, ದೊಡ್ಡಯ್ಯ, ಗೋಪಾಲಕೃಷ್ಣ, ಹನುಮಂತರಾಯಪ್ಪ, ಶ್ರೀನಿವಾಸ್, ಚಿಕ್ಕರಂಗಯ್ಯ, ಪೂಜಾರ್ ರಂಗಣ್ಣ, ಸತೀಶ್, ಶಿವಕುಮಾರ್, ಲಕ್ಷ್ಮೀನಾರಾಯಣ್, ಕೃಷ್ಣಮೂರ್ತಿ, ರಾಮಾಂಜನೇಯ ಸೇರಿದಂತೆ ಗ್ರಾಮಸ್ಥರು ಕಾರ್ಯಕ್ರಮದಲ್ಲಿ ಭಾಗವಹಿಸಿದ್ದರು.
